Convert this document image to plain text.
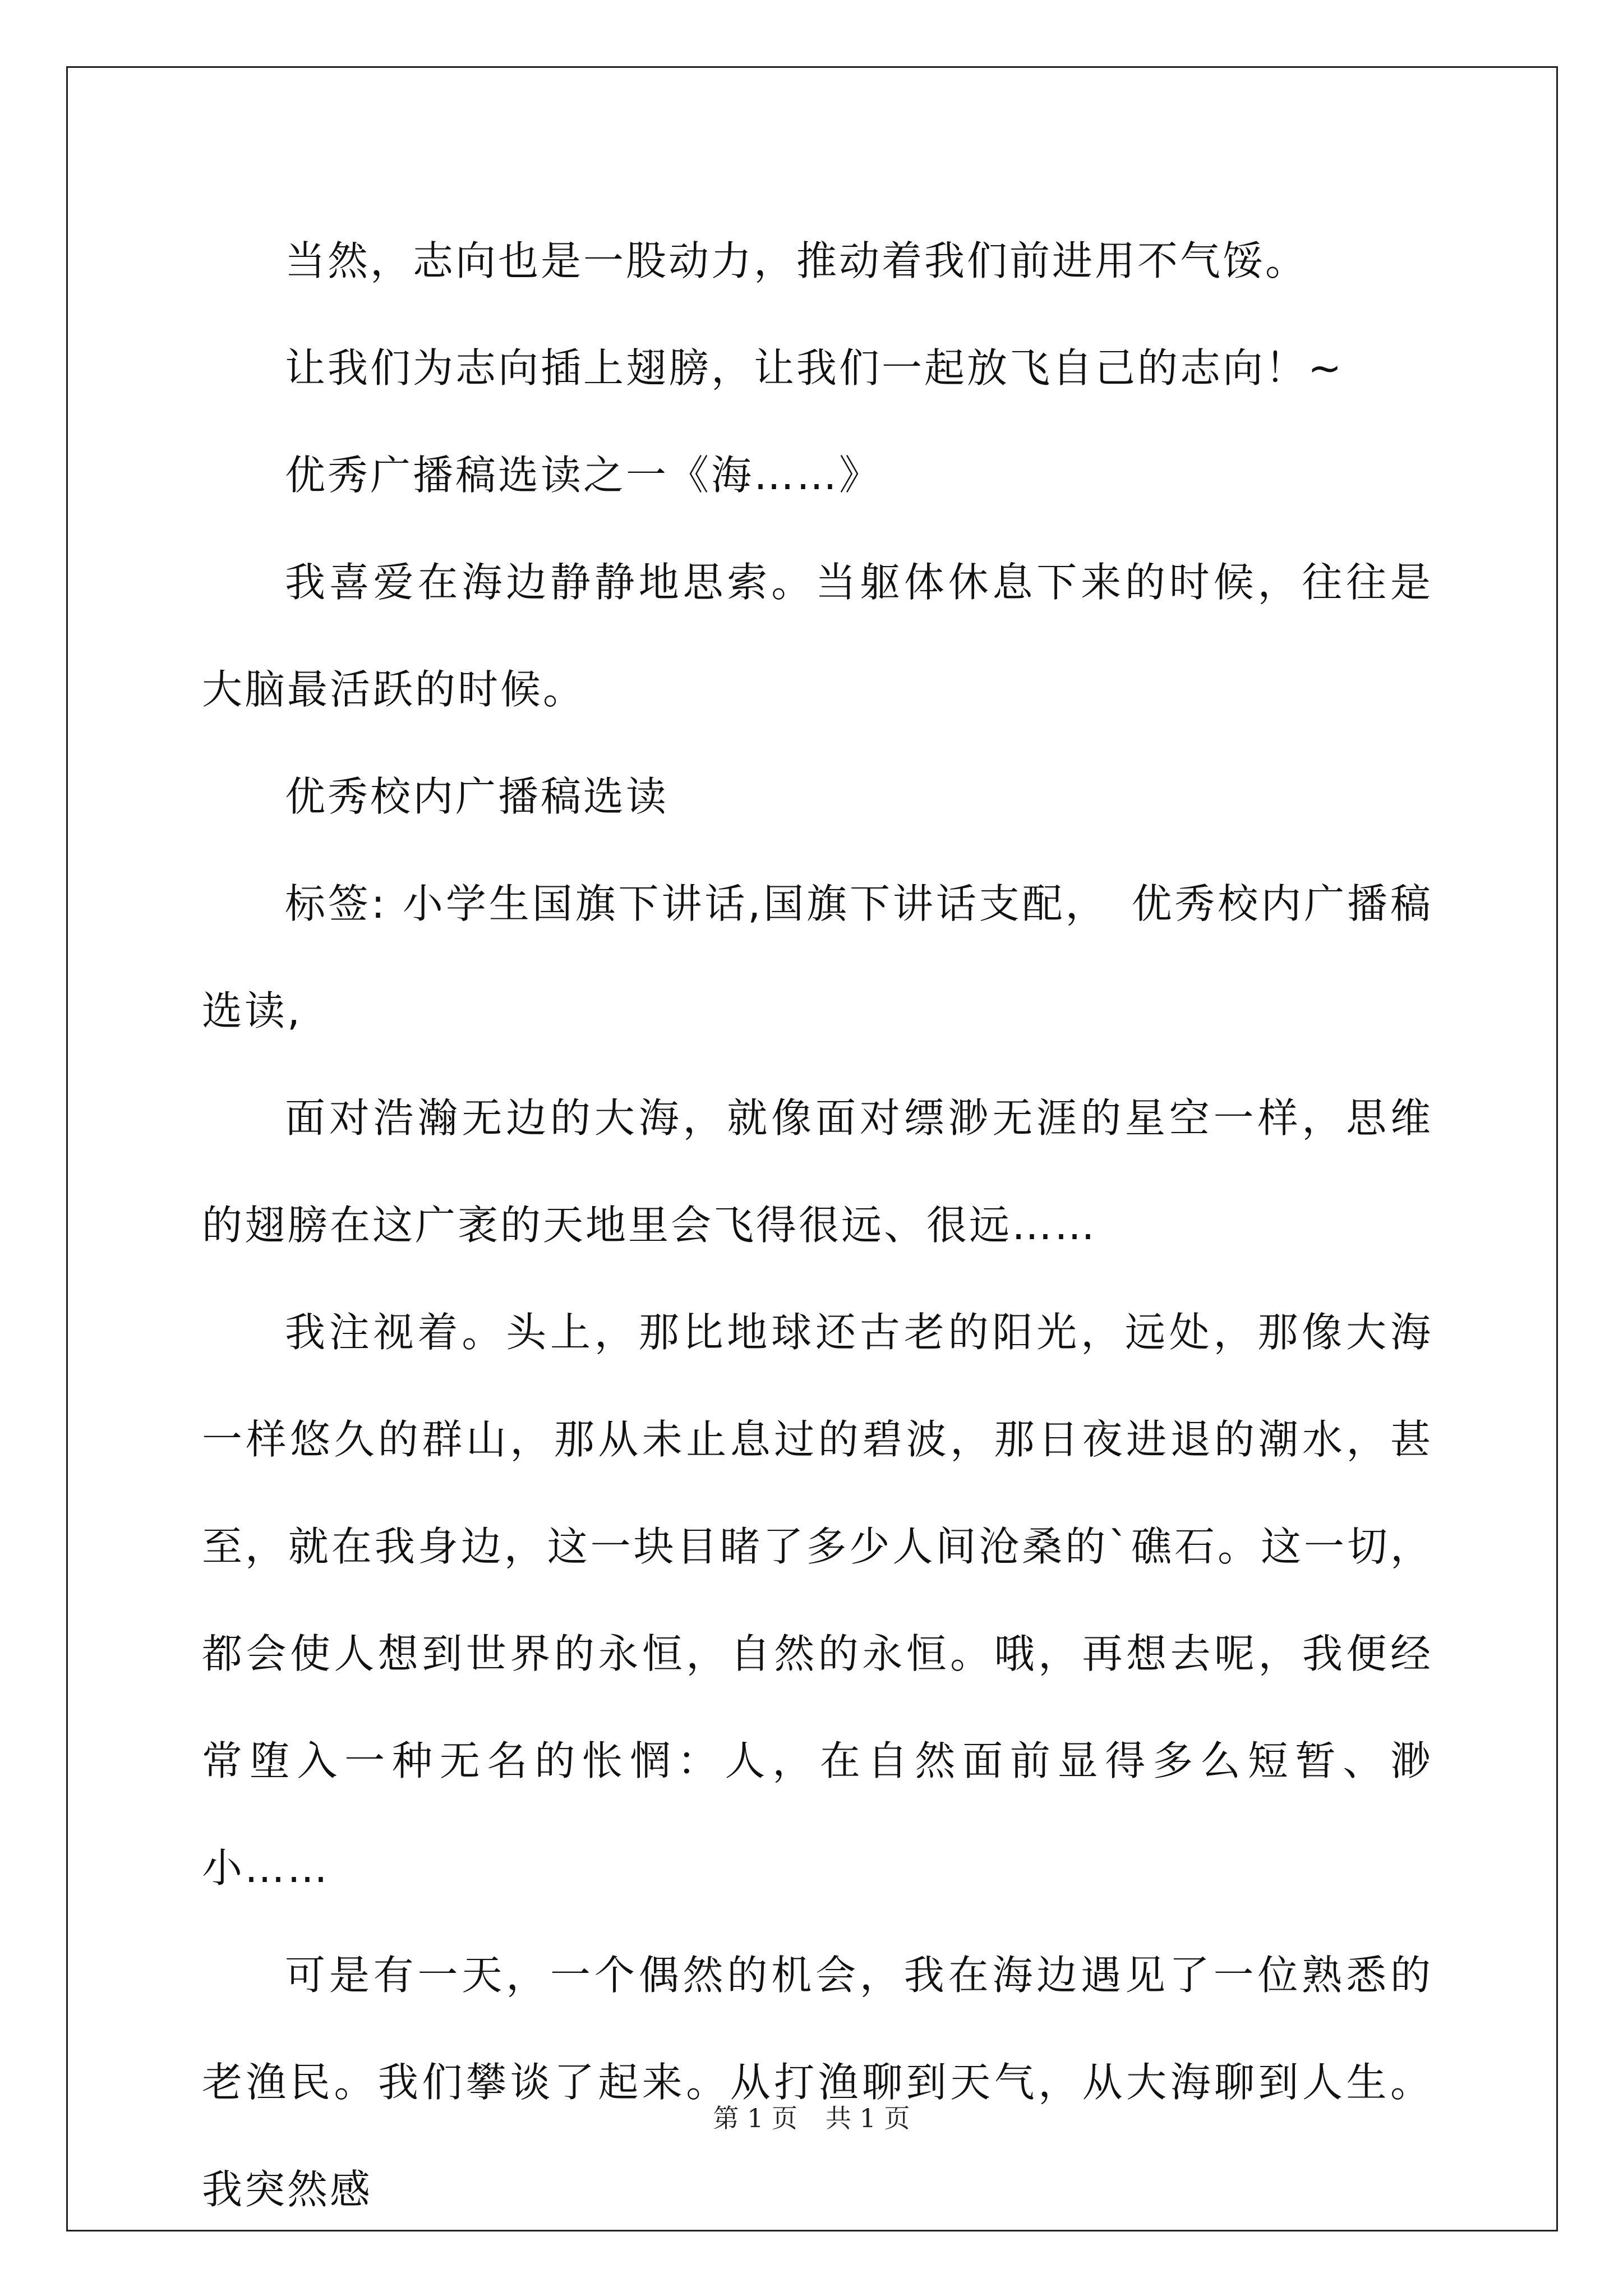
当然，志向也是一股动力，推动着我们前进用不气馁。

让我们为志向插上翅膀，让我们一起放飞自己的志向！~

优秀广播稿选读之一《海……》

我喜爱在海边静静地思索。当躯体休息下来的时候，往往是大脑最活跃的时候。

优秀校内广播稿选读

标签: 小学生国旗下讲话,国旗下讲话支配，　优秀校内广播稿选读,

面对浩瀚无边的大海，就像面对缥渺无涯的星空一样，思维的翅膀在这广袤的天地里会飞得很远、很远……

我注视着。头上，那比地球还古老的阳光，远处，那像大海一样悠久的群山，那从未止息过的碧波，那日夜进退的潮水，甚至，就在我身边，这一块目睹了多少人间沧桑的`礁石。这一切，都会使人想到世界的永恒，自然的永恒。哦，再想去呢，我便经常堕入一种无名的怅惘：人，在自然面前显得多么短暂、渺小……

可是有一天，一个偶然的机会，我在海边遇见了一位熟悉的老渔民。我们攀谈了起来。从打渔聊到天气，从大海聊到人生。我突然感

第 1 页 共 1 页
